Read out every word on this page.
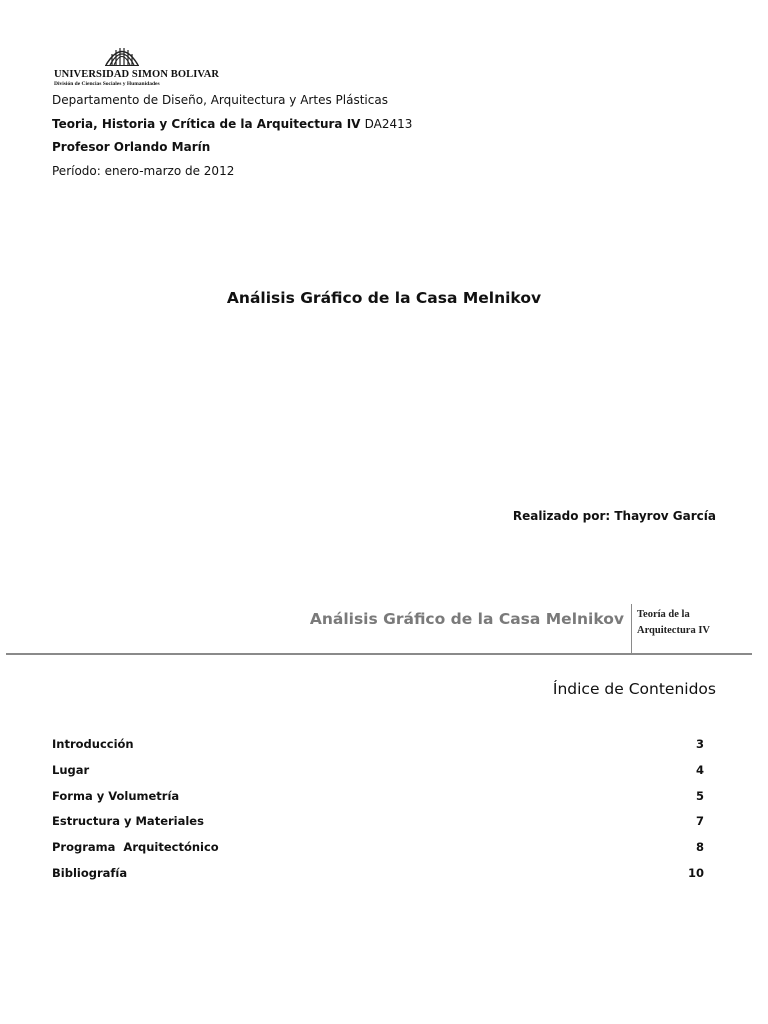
UNIVERSIDAD SIMON BOLIVAR
División de Ciencias Sociales y Humanidades
Departamento de Diseño, Arquitectura y Artes Plásticas
Teoria, Historia y Crítica de la Arquitectura IV DA2413
Profesor Orlando Marín
Período: enero-marzo de 2012
Análisis Gráfico de la Casa Melnikov
Realizado por: Thayrov García
Análisis Gráfico de la Casa Melnikov Teoría de la
Arquitectura IV
Índice de Contenidos
Introducción	3
Lugar	4
Forma y Volumetría	5
Estructura y Materiales	7
Programa  Arquitectónico	8
Bibliografía	10
